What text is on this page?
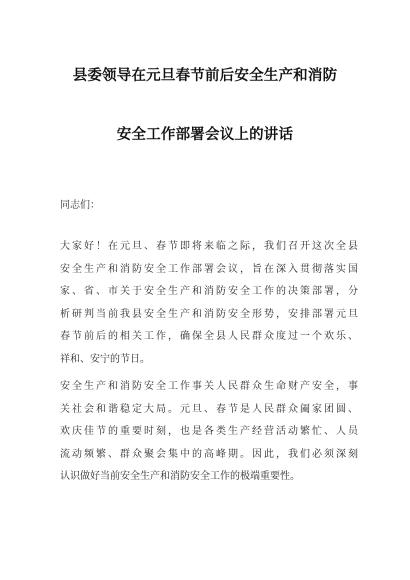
县委领导在元旦春节前后安全生产和消防
安全工作部署会议上的讲话
同志们：
大家好！在元旦、春节即将来临之际，我们召开这次全县
安全生产和消防安全工作部署会议，旨在深入贯彻落实国
家、省、市关于安全生产和消防安全工作的决策部署，分
析研判当前我县安全生产和消防安全形势，安排部署元旦
春节前后的相关工作，确保全县人民群众度过一个欢乐、
祥和、安宁的节日。
安全生产和消防安全工作事关人民群众生命财产安全，事
关社会和谐稳定大局。元旦、春节是人民群众阖家团圆、
欢庆佳节的重要时刻，也是各类生产经营活动繁忙、人员
流动频繁、群众聚会集中的高峰期。因此，我们必须深刻
认识做好当前安全生产和消防安全工作的极端重要性。
